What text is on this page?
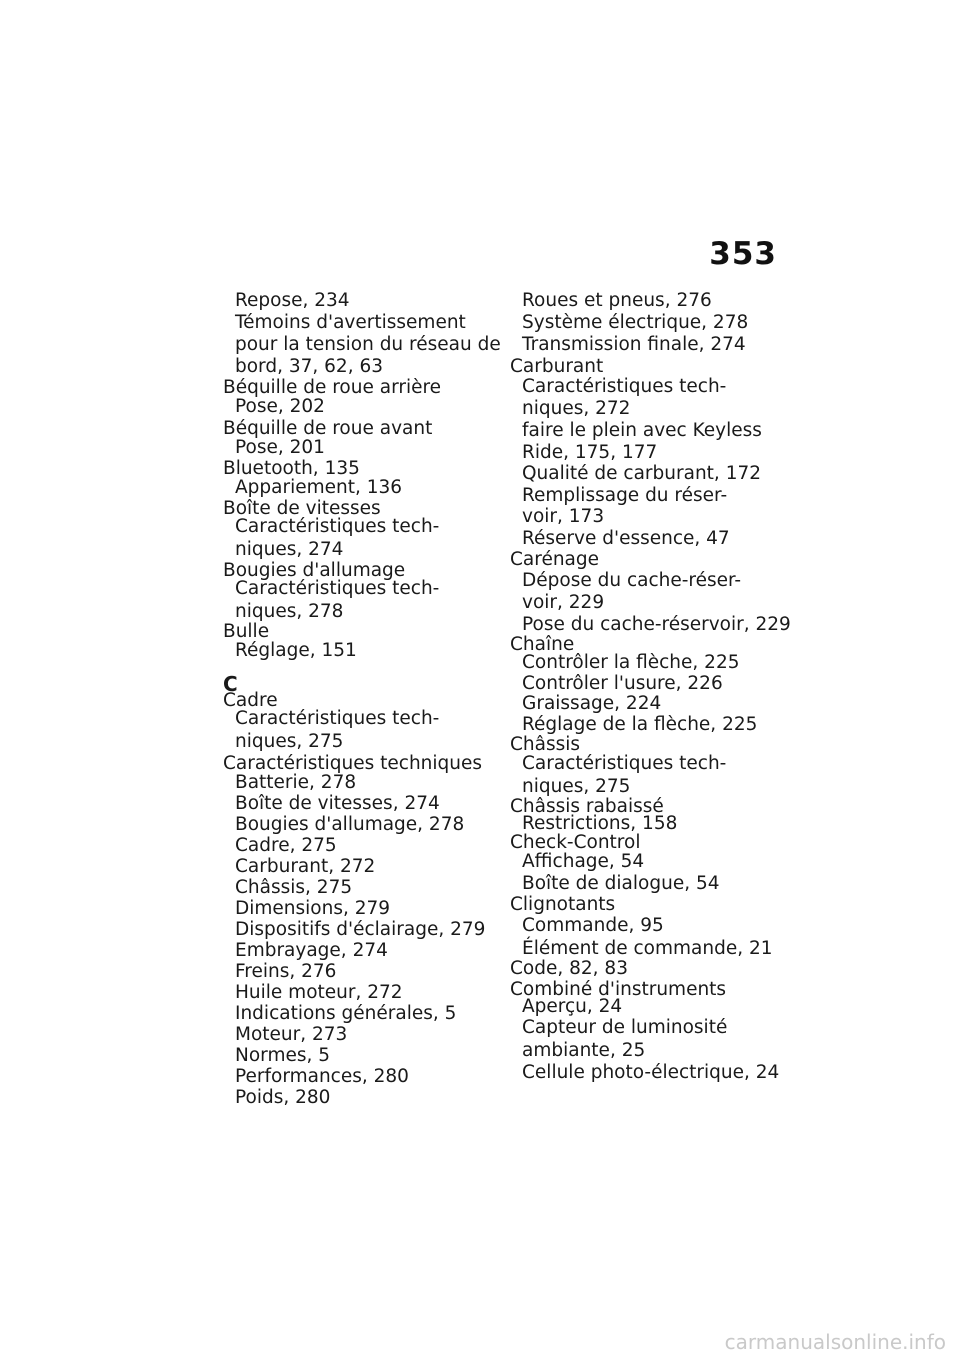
353
Repose, 234
Témoins d'avertissement
pour la tension du réseau de
bord, 37, 62, 63
Béquille de roue arrière
Pose, 202
Béquille de roue avant
Pose, 201
Bluetooth, 135
Appariement, 136
Boîte de vitesses
Caractéristiques tech-
niques, 274
Bougies d'allumage
Caractéristiques tech-
niques, 278
Bulle
Réglage, 151
C
Cadre
Caractéristiques tech-
niques, 275
Caractéristiques techniques
Batterie, 278
Boîte de vitesses, 274
Bougies d'allumage, 278
Cadre, 275
Carburant, 272
Châssis, 275
Dimensions, 279
Dispositifs d'éclairage, 279
Embrayage, 274
Freins, 276
Huile moteur, 272
Indications générales, 5
Moteur, 273
Normes, 5
Performances, 280
Poids, 280
Roues et pneus, 276
Système électrique, 278
Transmission finale, 274
Carburant
Caractéristiques tech-
niques, 272
faire le plein avec Keyless
Ride, 175, 177
Qualité de carburant, 172
Remplissage du réser-
voir, 173
Réserve d'essence, 47
Carénage
Dépose du cache-réser-
voir, 229
Pose du cache-réservoir, 229
Chaîne
Contrôler la flèche, 225
Contrôler l'usure, 226
Graissage, 224
Réglage de la flèche, 225
Châssis
Caractéristiques tech-
niques, 275
Châssis rabaissé
Restrictions, 158
Check-Control
Affichage, 54
Boîte de dialogue, 54
Clignotants
Commande, 95
Élément de commande, 21
Code, 82, 83
Combiné d'instruments
Aperçu, 24
Capteur de luminosité
ambiante, 25
Cellule photo-électrique, 24
carmanualsonline.info
